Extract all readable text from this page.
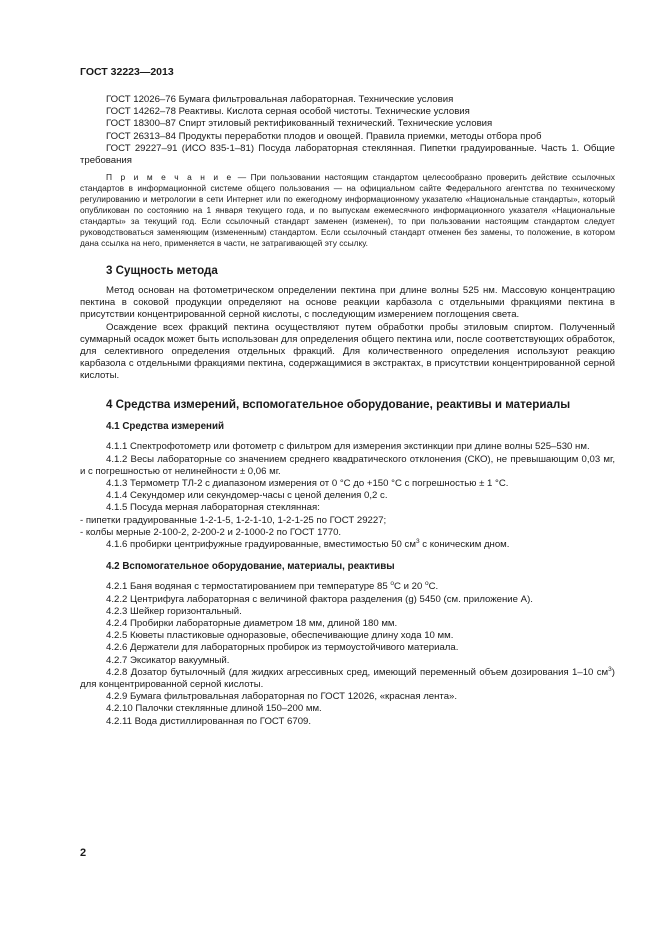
ГОСТ 32223—2013

ГОСТ 12026–76 Бумага фильтровальная лабораторная. Технические условия

ГОСТ 14262–78 Реактивы. Кислота серная особой чистоты. Технические условия

ГОСТ 18300–87 Спирт этиловый ректификованный технический. Технические условия

ГОСТ 26313–84 Продукты переработки плодов и овощей. Правила приемки, методы отбора проб

ГОСТ 29227–91 (ИСО 835-1–81) Посуда лабораторная стеклянная. Пипетки градуированные. Часть 1. Общие требования

П р и м е ч а н и е — При пользовании настоящим стандартом целесообразно проверить действие ссылочных стандартов в информационной системе общего пользования — на официальном сайте Федерального агентства по техническому регулированию и метрологии в сети Интернет или по ежегодному информационному указателю «Национальные стандарты», который опубликован по состоянию на 1 января текущего года, и по выпускам ежемесячного информационного указателя «Национальные стандарты» за текущий год. Если ссылочный стандарт заменен (изменен), то при пользовании настоящим стандартом следует руководствоваться заменяющим (измененным) стандартом. Если ссылочный стандарт отменен без замены, то положение, в котором дана ссылка на него, применяется в части, не затрагивающей эту ссылку.

3 Сущность метода

Метод основан на фотометрическом определении пектина при длине волны 525 нм. Массовую концентрацию пектина в соковой продукции определяют на основе реакции карбазола с отдельными фракциями пектина в присутствии концентрированной серной кислоты, с последующим измерением поглощения света.

Осаждение всех фракций пектина осуществляют путем обработки пробы этиловым спиртом. Полученный суммарный осадок может быть использован для определения общего пектина или, после соответствующих обработок, для селективного определения отдельных фракций. Для количественного определения используют реакцию карбазола с отдельными фракциями пектина, содержащимися в экстрактах, в присутствии концентрированной серной кислоты.

4 Средства измерений, вспомогательное оборудование, реактивы и материалы
4.1 Средства измерений

4.1.1 Спектрофотометр или фотометр с фильтром для измерения экстинкции при длине волны 525–530 нм.

4.1.2 Весы лабораторные со значением среднего квадратического отклонения (СКО), не превышающим 0,03 мг, и с погрешностью от нелинейности ± 0,06 мг.

4.1.3 Термометр ТЛ-2 с диапазоном измерения от 0 °С до +150 °С с погрешностью ± 1 °С.

4.1.4 Секундомер или секундомер-часы с ценой деления 0,2 с.

4.1.5 Посуда мерная лабораторная стеклянная:

- пипетки градуированные 1-2-1-5, 1-2-1-10, 1-2-1-25 по ГОСТ 29227;

- колбы мерные 2-100-2, 2-200-2 и 2-1000-2 по ГОСТ 1770.

4.1.6 пробирки центрифужные градуированные, вместимостью 50 $см^3$ с коническим дном.

4.2 Вспомогательное оборудование, материалы, реактивы

4.2.1 Баня водяная с термостатированием при температуре 85 $^о$С и 20 $^о$С.

4.2.2 Центрифуга лабораторная с величиной фактора разделения (g) 5450 (см. приложение А).

4.2.3 Шейкер горизонтальный.

4.2.4 Пробирки лабораторные диаметром 18 мм, длиной 180 мм.

4.2.5 Кюветы пластиковые одноразовые, обеспечивающие длину хода 10 мм.

4.2.6 Держатели для лабораторных пробирок из термоустойчивого материала.

4.2.7 Эксикатор вакуумный.

4.2.8 Дозатор бутылочный (для жидких агрессивных сред, имеющий переменный объем дозирования 1–10 $см^3$) для концентрированной серной кислоты.

4.2.9 Бумага фильтровальная лабораторная по ГОСТ 12026, «красная лента».

4.2.10 Палочки стеклянные длиной 150–200 мм.

4.2.11 Вода дистиллированная по ГОСТ 6709.

2
